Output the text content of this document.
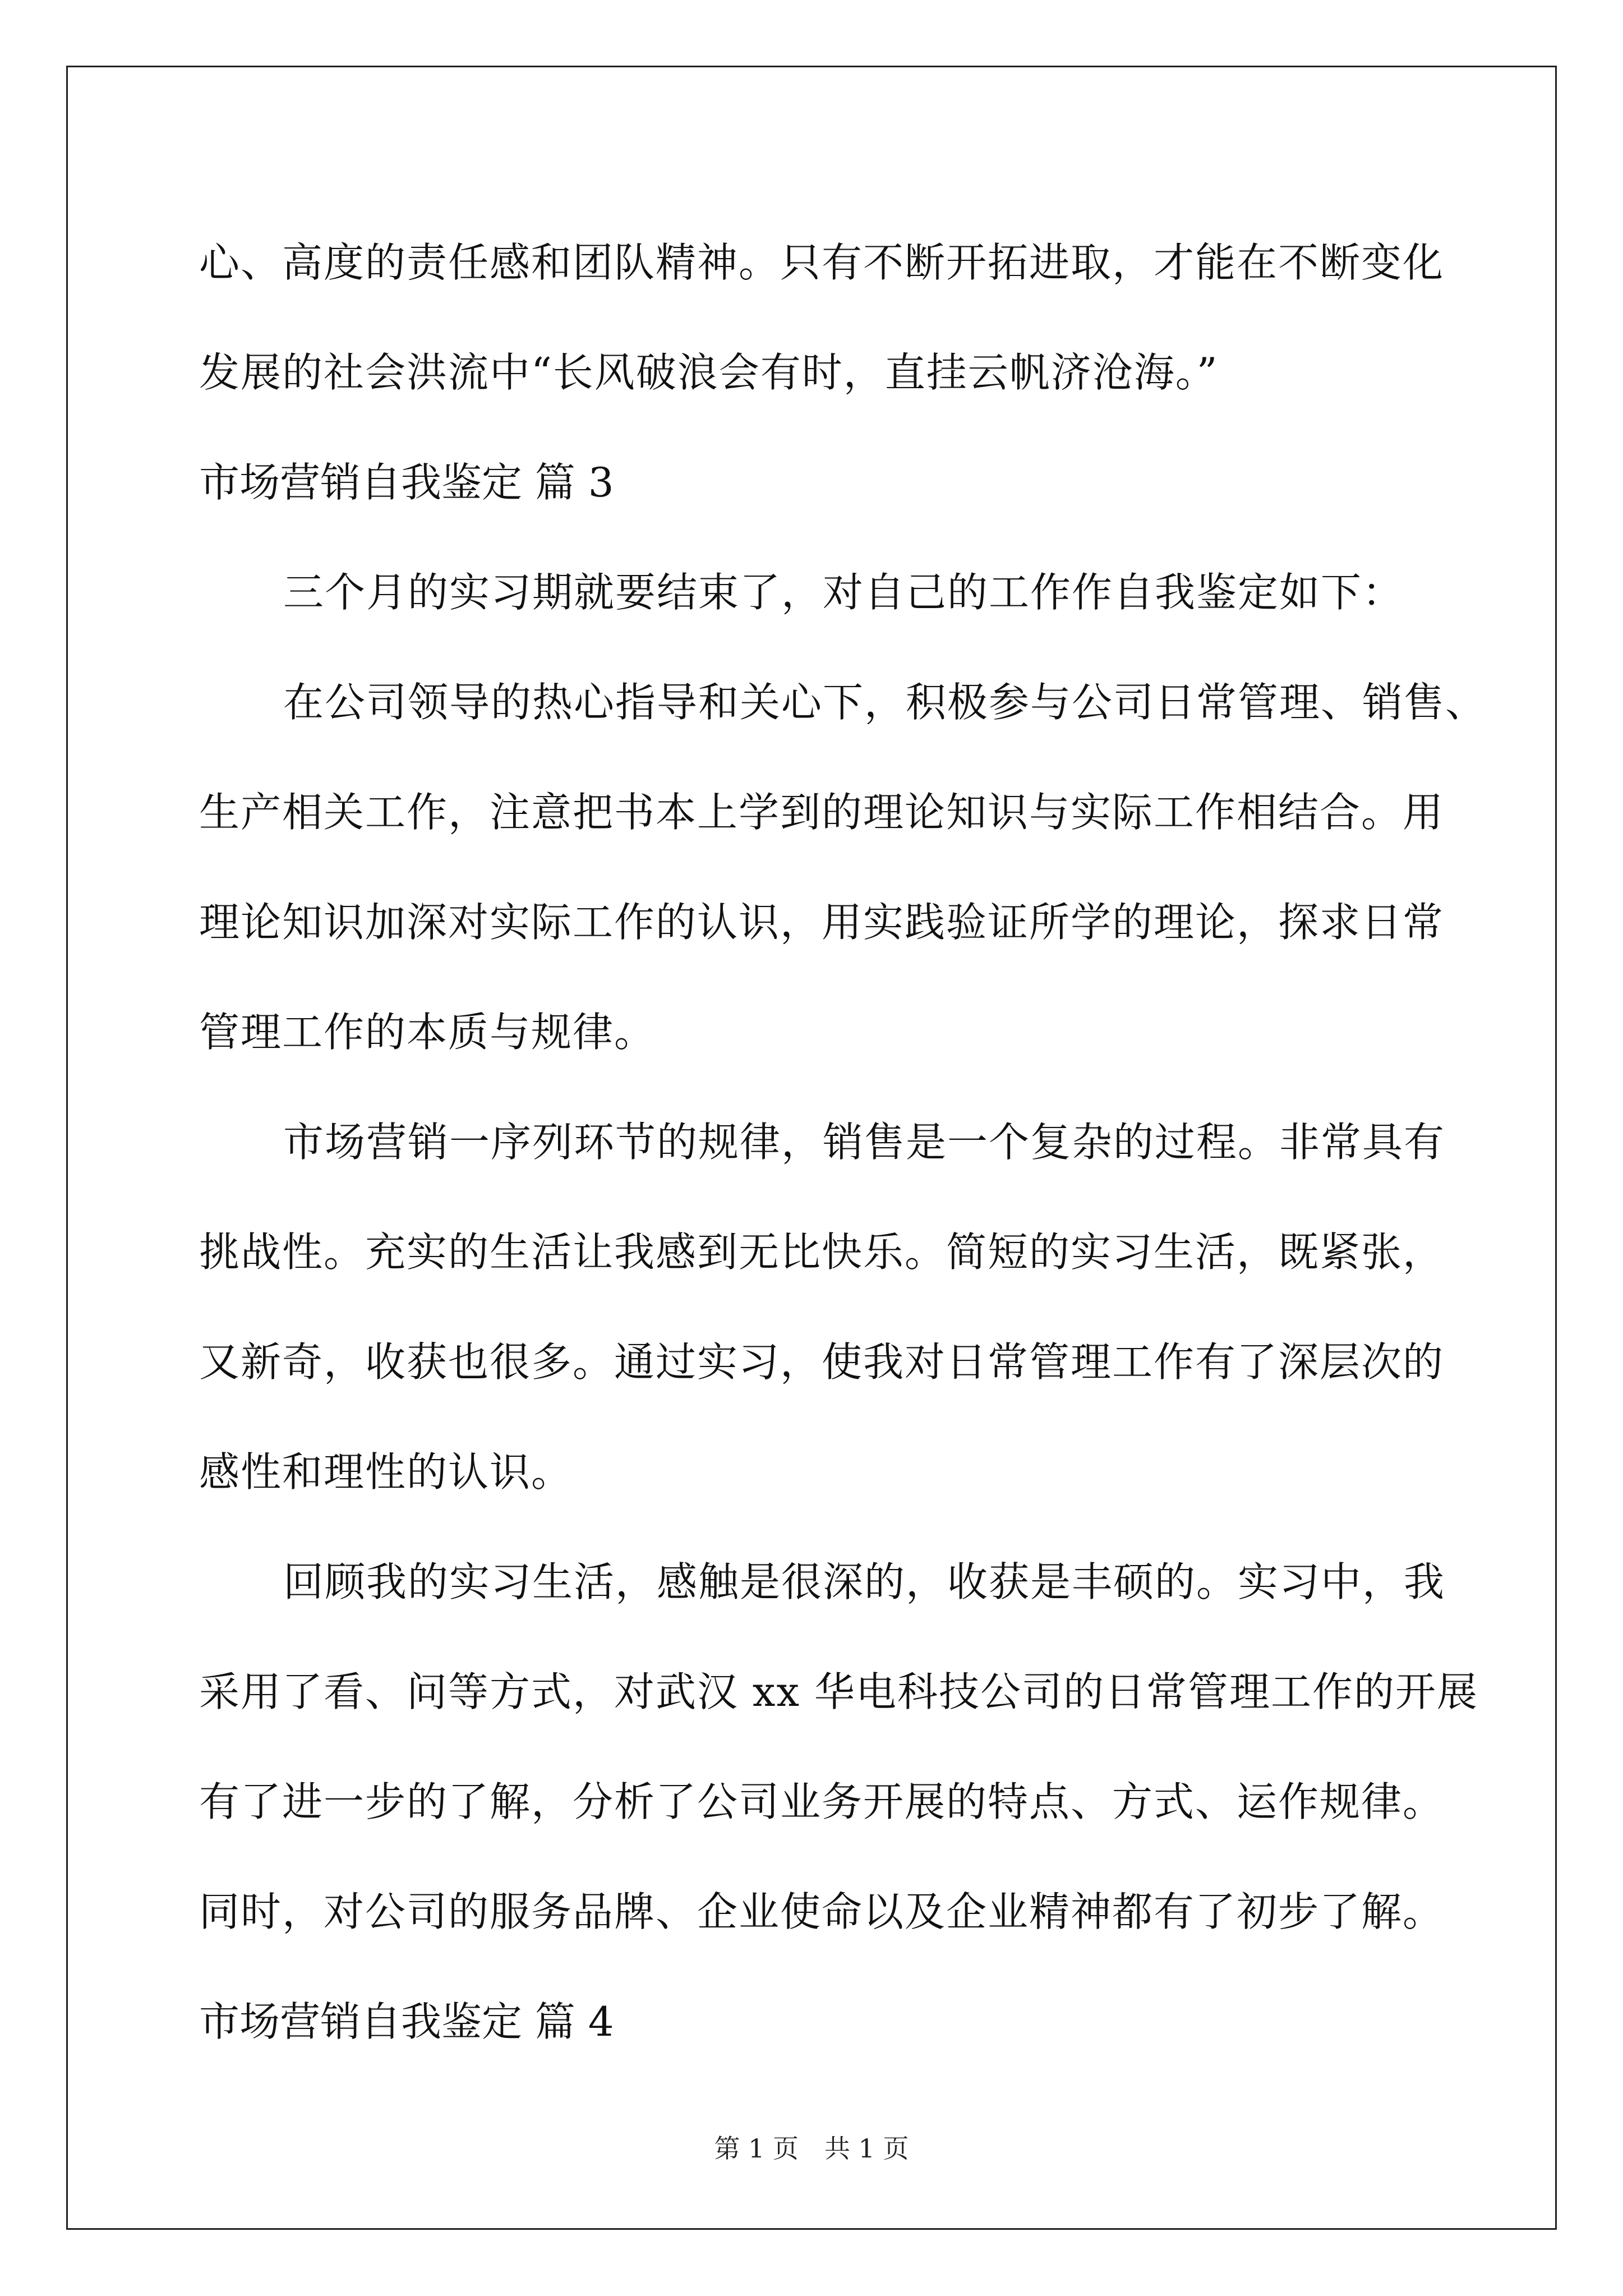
心、高度的责任感和团队精神。只有不断开拓进取，才能在不断变化
发展的社会洪流中“长风破浪会有时，直挂云帆济沧海。”
市场营销自我鉴定 篇 3
三个月的实习期就要结束了，对自己的工作作自我鉴定如下：
在公司领导的热心指导和关心下，积极参与公司日常管理、销售、
生产相关工作，注意把书本上学到的理论知识与实际工作相结合。用
理论知识加深对实际工作的认识，用实践验证所学的理论，探求日常
管理工作的本质与规律。
市场营销一序列环节的规律，销售是一个复杂的过程。非常具有
挑战性。充实的生活让我感到无比快乐。简短的实习生活，既紧张，
又新奇，收获也很多。通过实习，使我对日常管理工作有了深层次的
感性和理性的认识。
回顾我的实习生活，感触是很深的，收获是丰硕的。实习中，我
采用了看、问等方式，对武汉 xx 华电科技公司的日常管理工作的开展
有了进一步的了解，分析了公司业务开展的特点、方式、运作规律。
同时，对公司的服务品牌、企业使命以及企业精神都有了初步了解。
市场营销自我鉴定 篇 4
第 1 页　共 1 页
